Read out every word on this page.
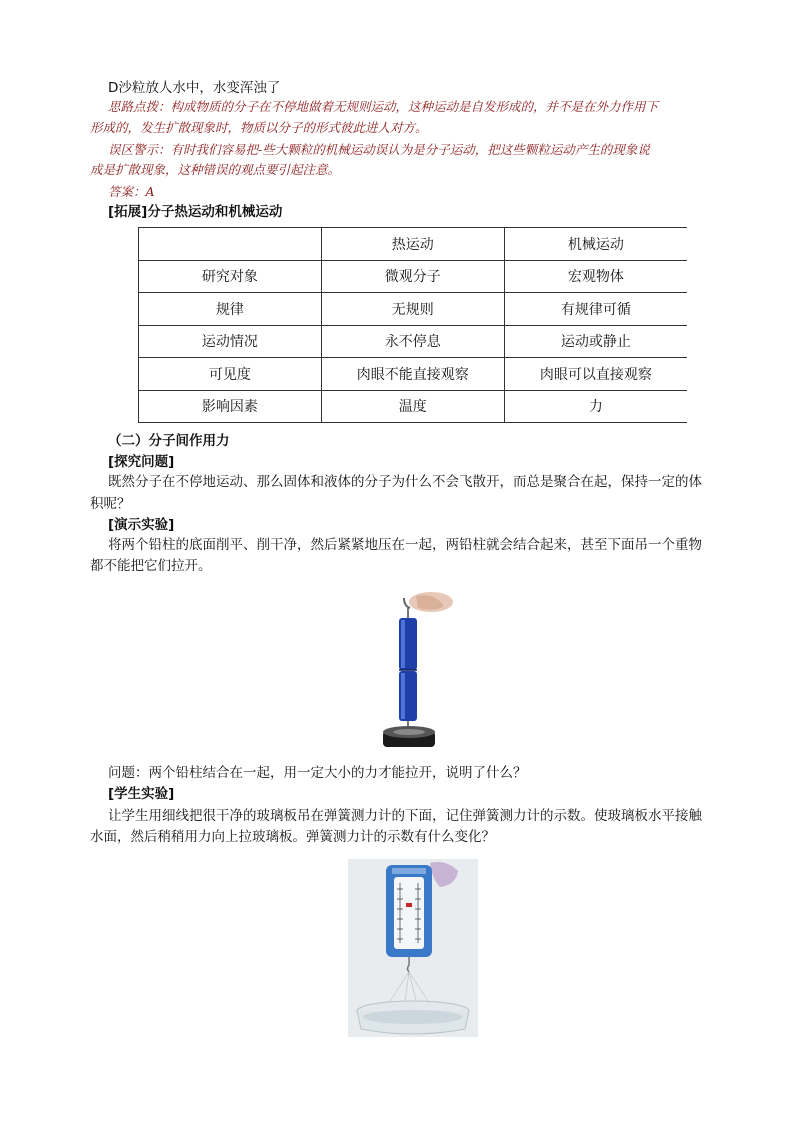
D沙粒放人水中，水变浑浊了
思路点拨：构成物质的分子在不停地做着无规则运动，这种运动是自发形成的，并不是在外力作用下
形成的，发生扩散现象时，物质以分子的形式彼此进人对方。
误区警示：有时我们容易把-些大颗粒的机械运动误认为是分子运动，把这些颗粒运动产生的现象说
成是扩散现象，这种错误的观点要引起注意。
答案：A
[拓展]分子热运动和机械运动
	热运动	机械运动
研究对象	微观分子	宏观物体
规律	无规则	有规律可循
运动情况	永不停息	运动或静止
可见度	肉眼不能直接观察	肉眼可以直接观察
影响因素	温度	力
（二）分子间作用力
[探究问题]
既然分子在不停地运动、那么固体和液体的分子为什么不会飞散开，而总是聚合在起，保持一定的体
积呢？
[演示实验]
将两个铅柱的底面削平、削干净，然后紧紧地压在一起，两铅柱就会结合起来，甚至下面吊一个重物
都不能把它们拉开。
问题：两个铅柱结合在一起，用一定大小的力才能拉开，说明了什么？
[学生实验]
让学生用细线把很干净的玻璃板吊在弹簧测力计的下面，记住弹簧测力计的示数。使玻璃板水平接触
水面，然后稍稍用力向上拉玻璃板。弹簧测力计的示数有什么变化？
